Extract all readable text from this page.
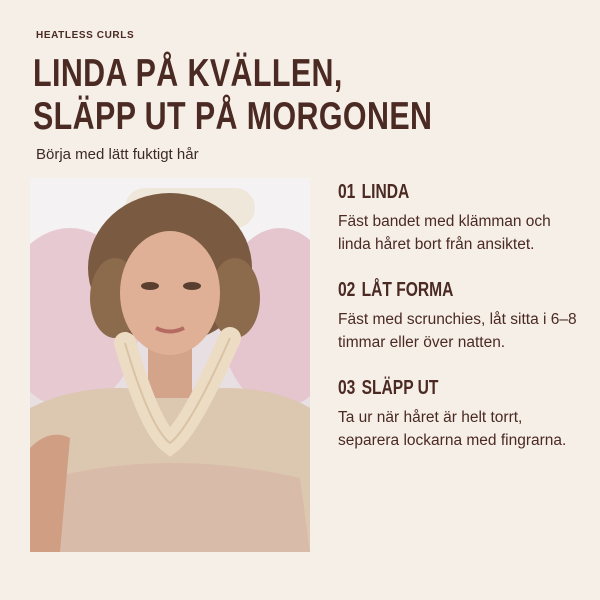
HEATLESS CURLS
LINDA PÅ KVÄLLEN,
SLÄPP UT PÅ MORGONEN
Börja med lätt fuktigt hår
01 LINDA
Fäst bandet med klämman och linda håret bort från ansiktet.
02 LÅT FORMA
Fäst med scrunchies, låt sitta i 6–8 timmar eller över natten.
03 SLÄPP UT
Ta ur när håret är helt torrt, separera lockarna med fingrarna.
